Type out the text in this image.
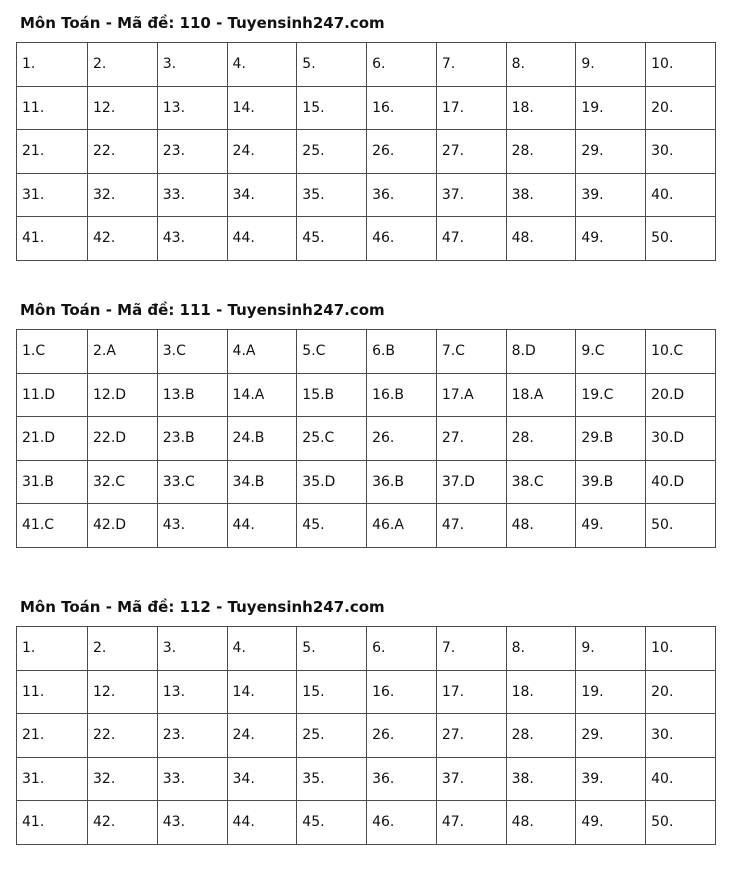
Môn Toán - Mã đề: 110 - Tuyensinh247.com
1.	2.	3.	4.	5.	6.	7.	8.	9.	10.
11.	12.	13.	14.	15.	16.	17.	18.	19.	20.
21.	22.	23.	24.	25.	26.	27.	28.	29.	30.
31.	32.	33.	34.	35.	36.	37.	38.	39.	40.
41.	42.	43.	44.	45.	46.	47.	48.	49.	50.
Môn Toán - Mã đề: 111 - Tuyensinh247.com
1.C	2.A	3.C	4.A	5.C	6.B	7.C	8.D	9.C	10.C
11.D	12.D	13.B	14.A	15.B	16.B	17.A	18.A	19.C	20.D
21.D	22.D	23.B	24.B	25.C	26.	27.	28.	29.B	30.D
31.B	32.C	33.C	34.B	35.D	36.B	37.D	38.C	39.B	40.D
41.C	42.D	43.	44.	45.	46.A	47.	48.	49.	50.
Môn Toán - Mã đề: 112 - Tuyensinh247.com
1.	2.	3.	4.	5.	6.	7.	8.	9.	10.
11.	12.	13.	14.	15.	16.	17.	18.	19.	20.
21.	22.	23.	24.	25.	26.	27.	28.	29.	30.
31.	32.	33.	34.	35.	36.	37.	38.	39.	40.
41.	42.	43.	44.	45.	46.	47.	48.	49.	50.
